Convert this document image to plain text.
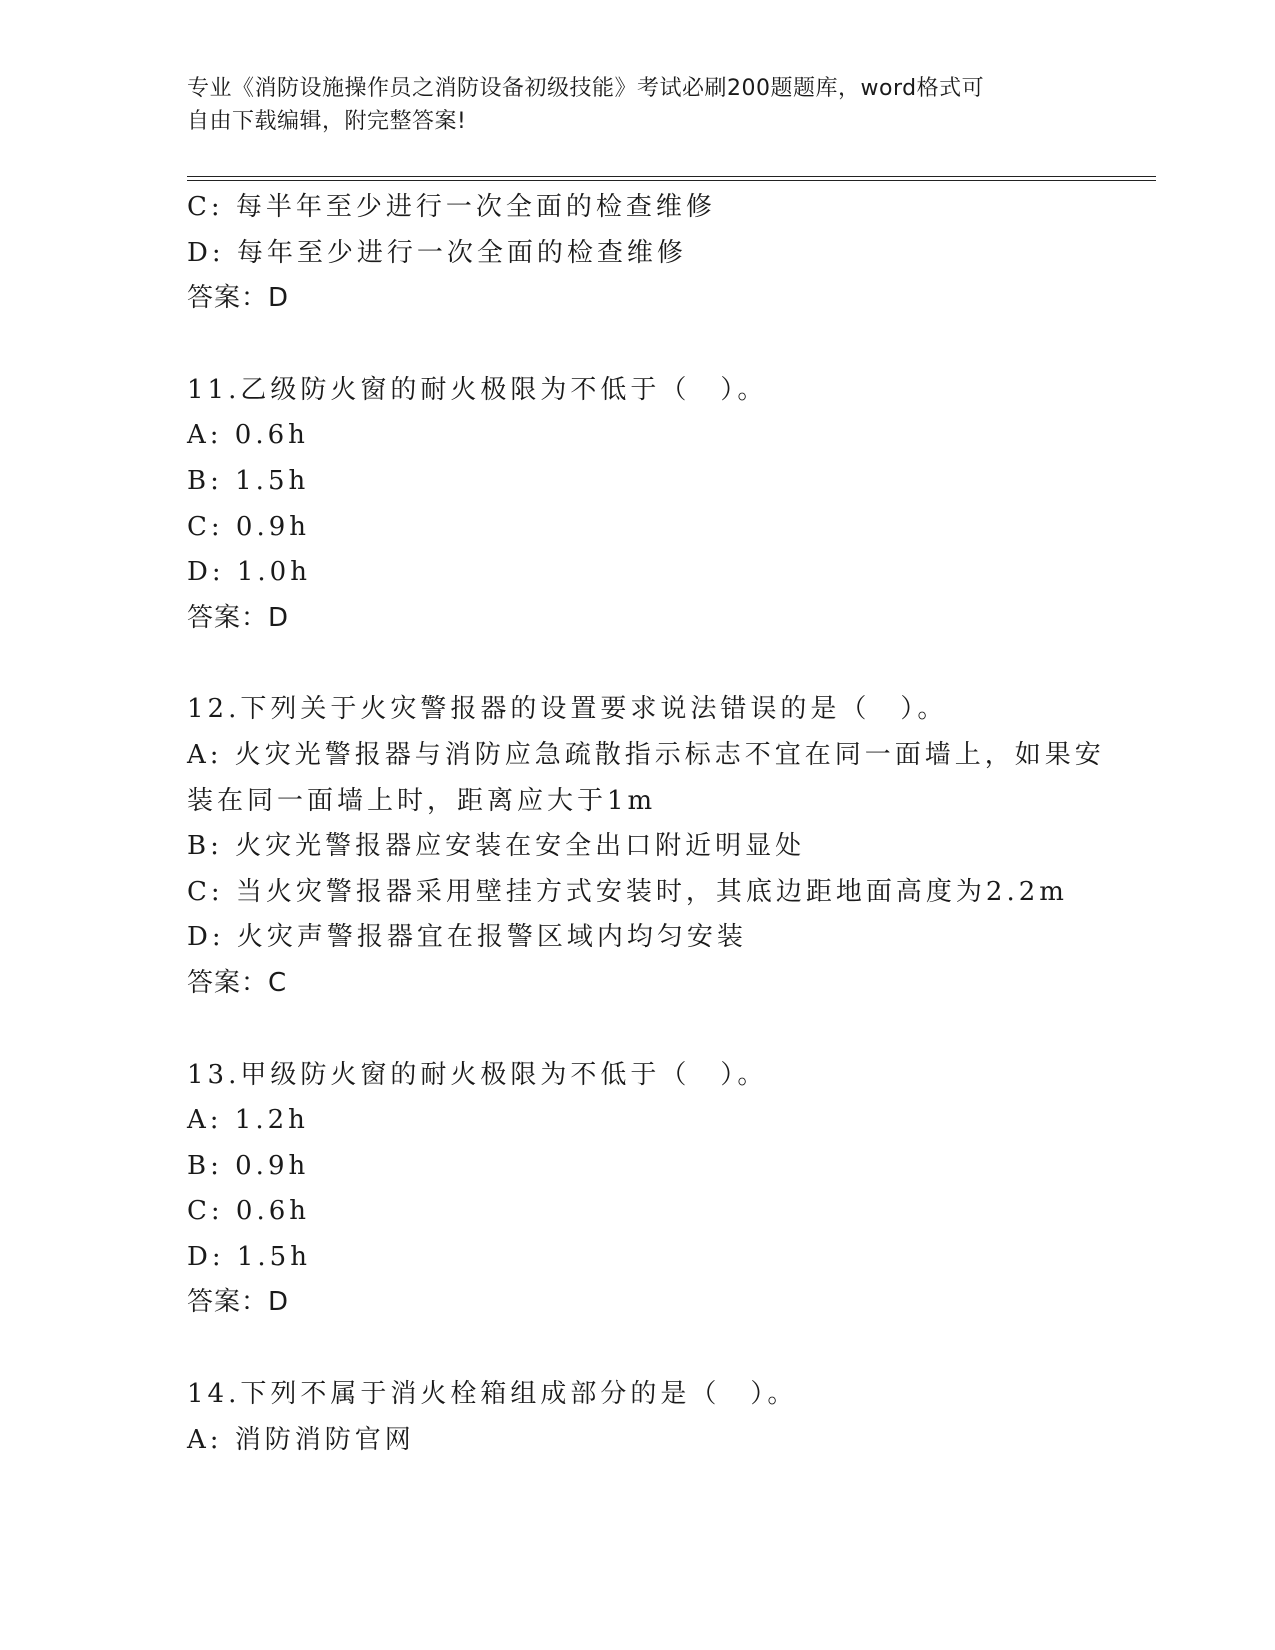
专业《消防设施操作员之消防设备初级技能》考试必刷200题题库，word格式可
自由下载编辑，附完整答案!
C: 每半年至少进行一次全面的检查维修
D: 每年至少进行一次全面的检查维修
答案：D
11.乙级防火窗的耐火极限为不低于（　）。
A: 0.6h
B: 1.5h
C: 0.9h
D: 1.0h
答案：D
12.下列关于火灾警报器的设置要求说法错误的是（　）。
A: 火灾光警报器与消防应急疏散指示标志不宜在同一面墙上，如果安
装在同一面墙上时，距离应大于1m
B: 火灾光警报器应安装在安全出口附近明显处
C: 当火灾警报器采用壁挂方式安装时，其底边距地面高度为2.2m
D: 火灾声警报器宜在报警区域内均匀安装
答案：C
13.甲级防火窗的耐火极限为不低于（　）。
A: 1.2h
B: 0.9h
C: 0.6h
D: 1.5h
答案：D
14.下列不属于消火栓箱组成部分的是（　）。
A: 消防消防官网
